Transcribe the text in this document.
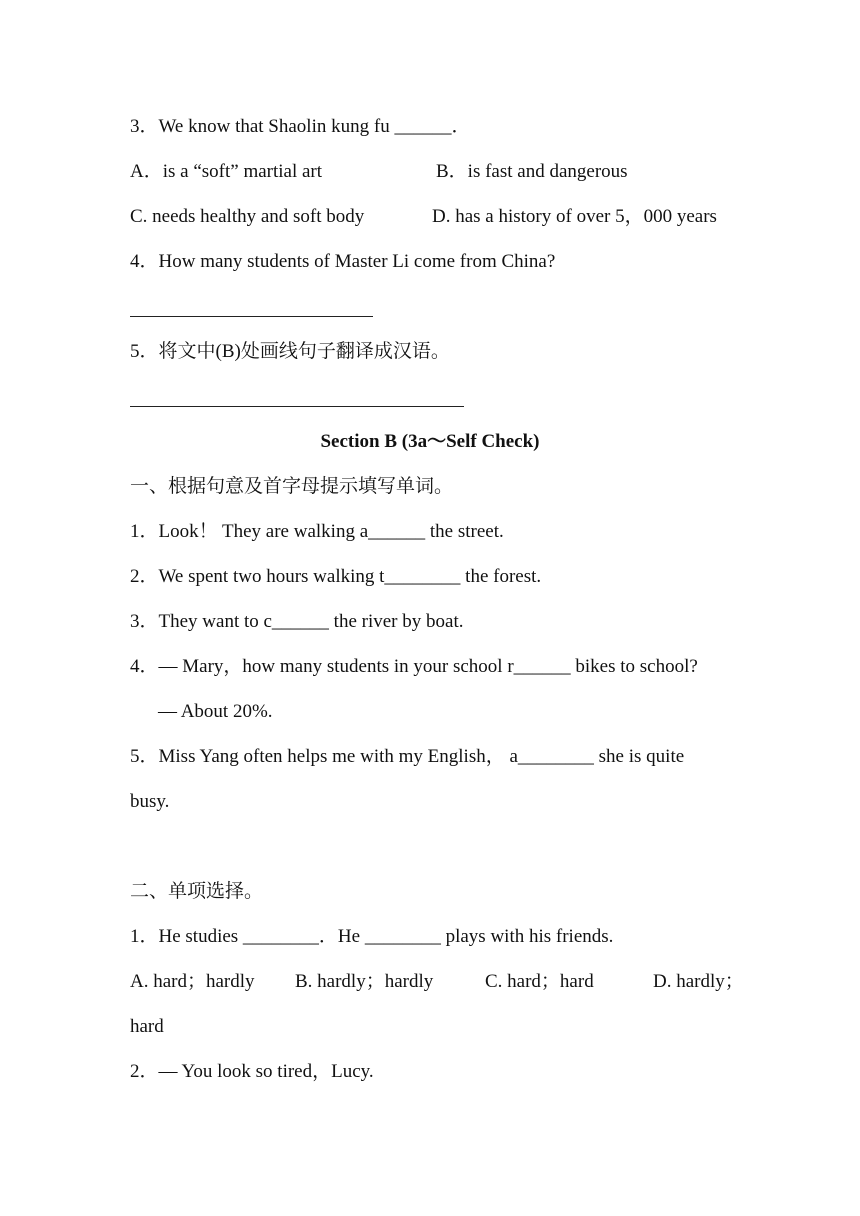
3．We know that Shaolin kung fu ______．
A．is a “soft” martial art	B．is fast and dangerous
C. needs healthy and soft body	D. has a history of over 5，000 years
4．How many students of Master Li come from China?
5．将文中(B)处画线句子翻译成汉语。
Section B (3a～Self Check)
一、根据句意及首字母提示填写单词。
1．Look！ They are walking a______ the street.
2．We spent two hours walking t________ the forest.
3．They want to c______ the river by boat.
4．— Mary，how many students in your school r______ bikes to school?
— About 20%.
5．Miss Yang often helps me with my English， a________ she is quite
busy.
二、单项选择。
1．He studies ________．He ________ plays with his friends.
A. hard；hardly B. hardly；hardly	C. hard；hard	D. hardly；
hard
2．— You look so tired，Lucy.
